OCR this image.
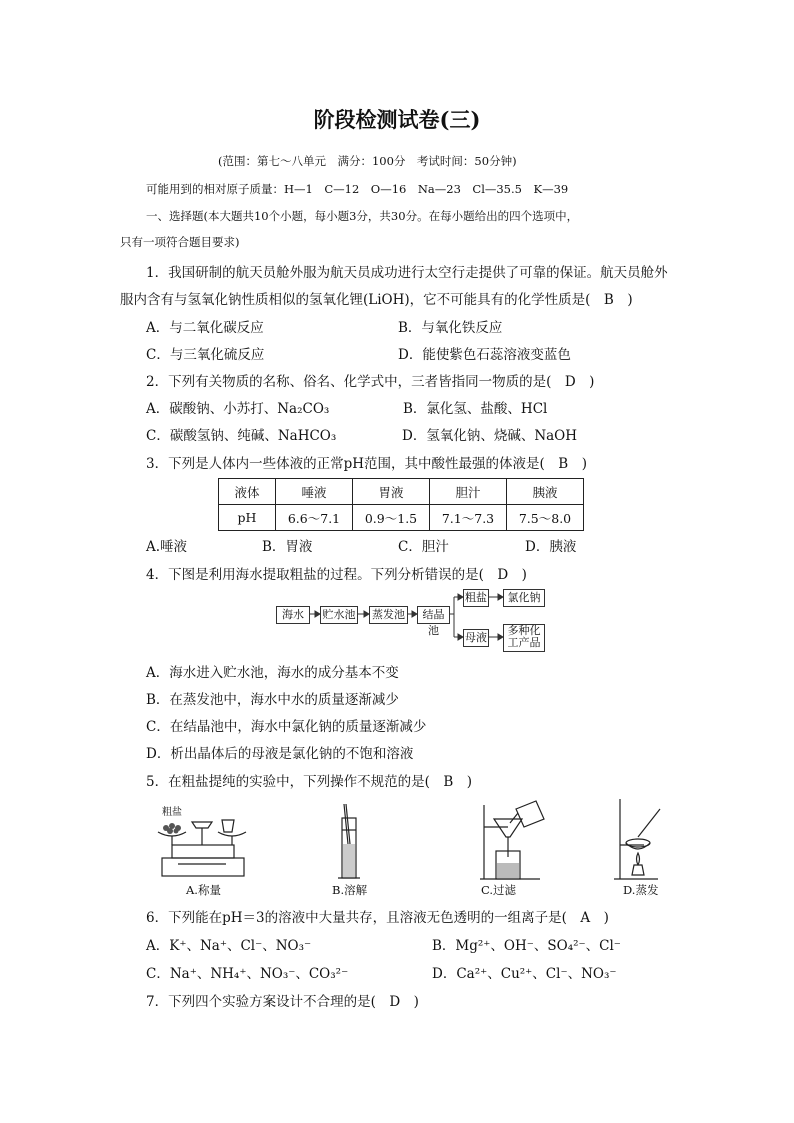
阶段检测试卷(三)
(范围：第七～八单元　满分：100分　考试时间：50分钟)
可能用到的相对原子质量：H—1　C—12　O—16　Na—23　Cl—35.5　K—39
一、选择题(本大题共10个小题，每小题3分，共30分。在每小题给出的四个选项中，
只有一项符合题目要求)
1．我国研制的航天员舱外服为航天员成功进行太空行走提供了可靠的保证。航天员舱外
服内含有与氢氧化钠性质相似的氢氧化锂(LiOH)，它不可能具有的化学性质是(　B　)
A．与二氧化碳反应	B．与氧化铁反应
C．与三氧化硫反应	D．能使紫色石蕊溶液变蓝色
2．下列有关物质的名称、俗名、化学式中，三者皆指同一物质的是(　D　)
A．碳酸钠、小苏打、Na₂CO₃	B．氯化氢、盐酸、HCl
C．碳酸氢钠、纯碱、NaHCO₃	D．氢氧化钠、烧碱、NaOH
3．下列是人体内一些体液的正常pH范围，其中酸性最强的体液是(　B　)
液体	唾液	胃液	胆汁	胰液
pH	6.6～7.1	0.9～1.5	7.1～7.3	7.5～8.0
A.唾液	B．胃液	C．胆汁	D．胰液
4．下图是利用海水提取粗盐的过程。下列分析错误的是(　D　)
海水	贮水池 蒸发池	结晶池
粗盐	氯化钠
母液
多种化
工产品
A．海水进入贮水池，海水的成分基本不变
B．在蒸发池中，海水中水的质量逐渐减少
C．在结晶池中，海水中氯化钠的质量逐渐减少
D．析出晶体后的母液是氯化钠的不饱和溶液
5．在粗盐提纯的实验中，下列操作不规范的是(　B　)
粗盐
A.称量	B.溶解	C.过滤	D.蒸发
6．下列能在pH＝3的溶液中大量共存，且溶液无色透明的一组离子是(　A　)
A．K⁺、Na⁺、Cl⁻、NO₃⁻	B．Mg²⁺、OH⁻、SO₄²⁻、Cl⁻
C．Na⁺、NH₄⁺、NO₃⁻、CO₃²⁻	D．Ca²⁺、Cu²⁺、Cl⁻、NO₃⁻
7．下列四个实验方案设计不合理的是(　D　)
